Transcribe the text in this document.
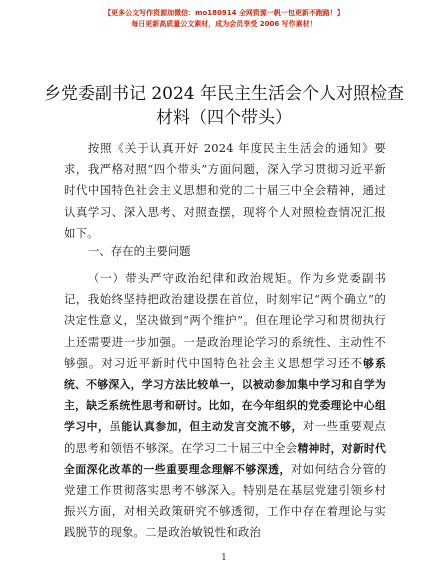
【更多公文写作资源加微信：mo180914 全网资源一帆一包更新不跑路！】
每日更新高质量公文素材，成为会员享受 2006 写作素材！
乡党委副书记 2024 年民主生活会个人对照检查
材料（四个带头）

按照《关于认真开好 2024 年度民主生活会的通知》要求，我严格对照“四个带头”方面问题，深入学习贯彻习近平新时代中国特色社会主义思想和党的二十届三中全会精神，通过认真学习、深入思考、对照查摆，现将个人对照检查情况汇报如下。

一、存在的主要问题

（一）带头严守政治纪律和政治规矩。作为乡党委副书记，我始终坚持把政治建设摆在首位，时刻牢记“两个确立”的决定性意义，坚决做到“两个维护”。但在理论学习和贯彻执行上还需要进一步加强。一是政治理论学习的系统性、主动性不够强。对习近平新时代中国特色社会主义思想学习还不够系统、不够深入，学习方法比较单一，以被动参加集中学习和自学为主，缺乏系统性思考和研讨。比如，在今年组织的党委理论中心组学习中，虽能认真参加，但主动发言交流不够，对一些重要观点的思考和领悟不够深。在学习二十届三中全会精神时，对新时代全面深化改革的一些重要理念理解不够深透，对如何结合分管的党建工作贯彻落实思考不够深入。特别是在基层党建引领乡村振兴方面，对相关政策研究不够透彻，工作中存在着理论与实践脱节的现象。二是政治敏锐性和政治

1
